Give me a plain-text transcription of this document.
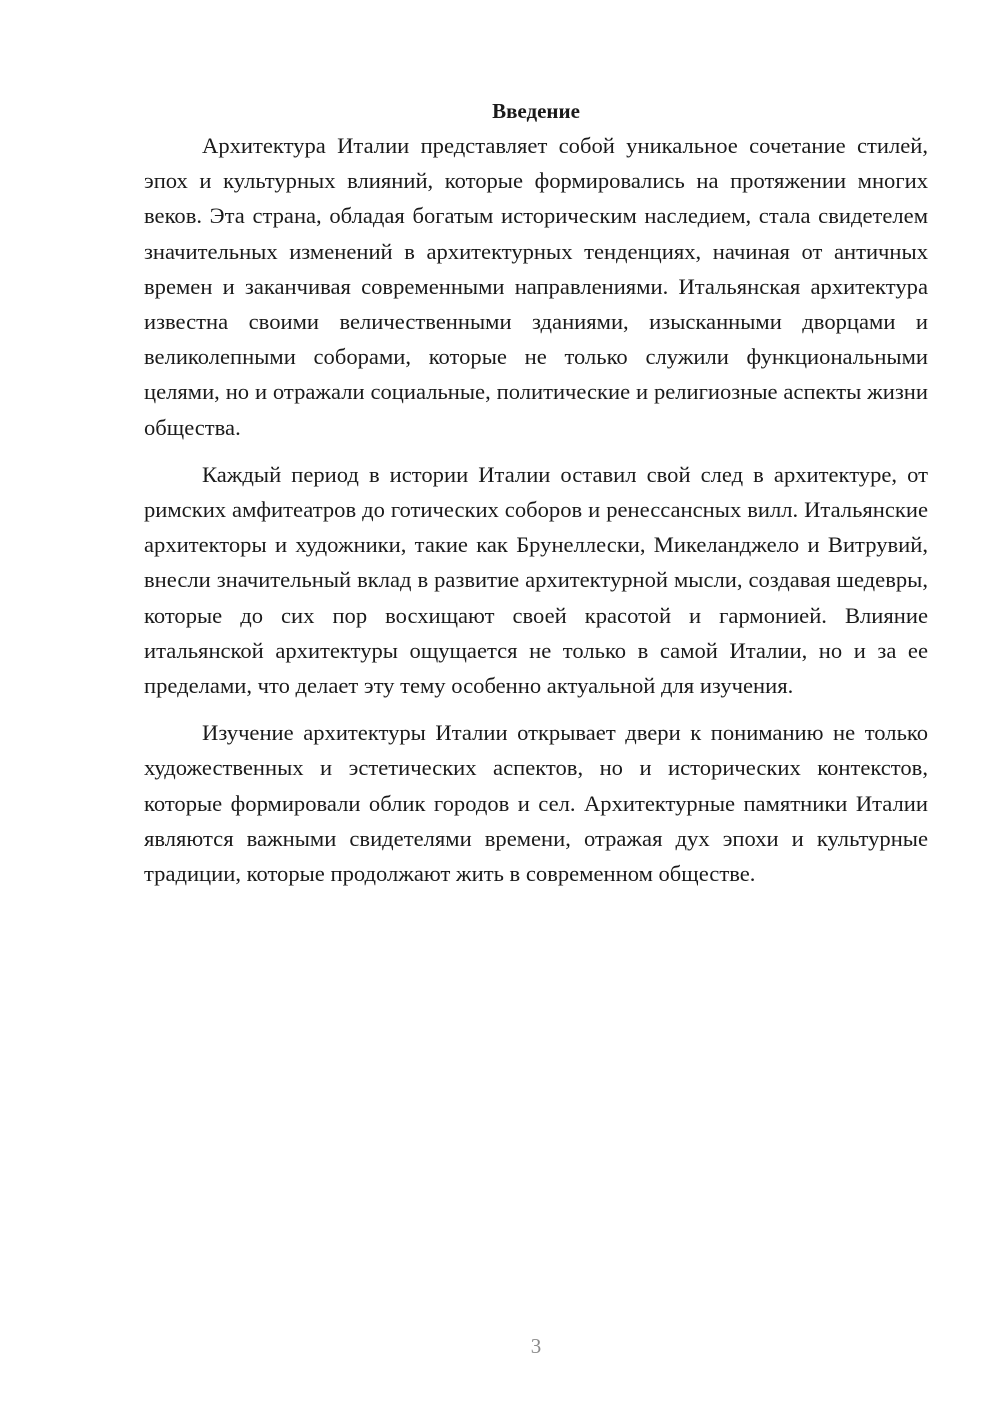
Введение

Архитектура Италии представляет собой уникальное сочетание стилей, эпох и культурных влияний, которые формировались на протяжении многих веков. Эта страна, обладая богатым историческим наследием, стала свидетелем значительных изменений в архитектурных тенденциях, начиная от античных времен и заканчивая современными направлениями. Итальянская архитектура известна своими величественными зданиями, изысканными дворцами и великолепными соборами, которые не только служили функциональными целями, но и отражали социальные, политические и религиозные аспекты жизни общества.

Каждый период в истории Италии оставил свой след в архитектуре, от римских амфитеатров до готических соборов и ренессансных вилл. Итальянские архитекторы и художники, такие как Брунеллески, Микеланджело и Витрувий, внесли значительный вклад в развитие архитектурной мысли, создавая шедевры, которые до сих пор восхищают своей красотой и гармонией. Влияние итальянской архитектуры ощущается не только в самой Италии, но и за ее пределами, что делает эту тему особенно актуальной для изучения.

Изучение архитектуры Италии открывает двери к пониманию не только художественных и эстетических аспектов, но и исторических контекстов, которые формировали облик городов и сел. Архитектурные памятники Италии являются важными свидетелями времени, отражая дух эпохи и культурные традиции, которые продолжают жить в современном обществе.

3
